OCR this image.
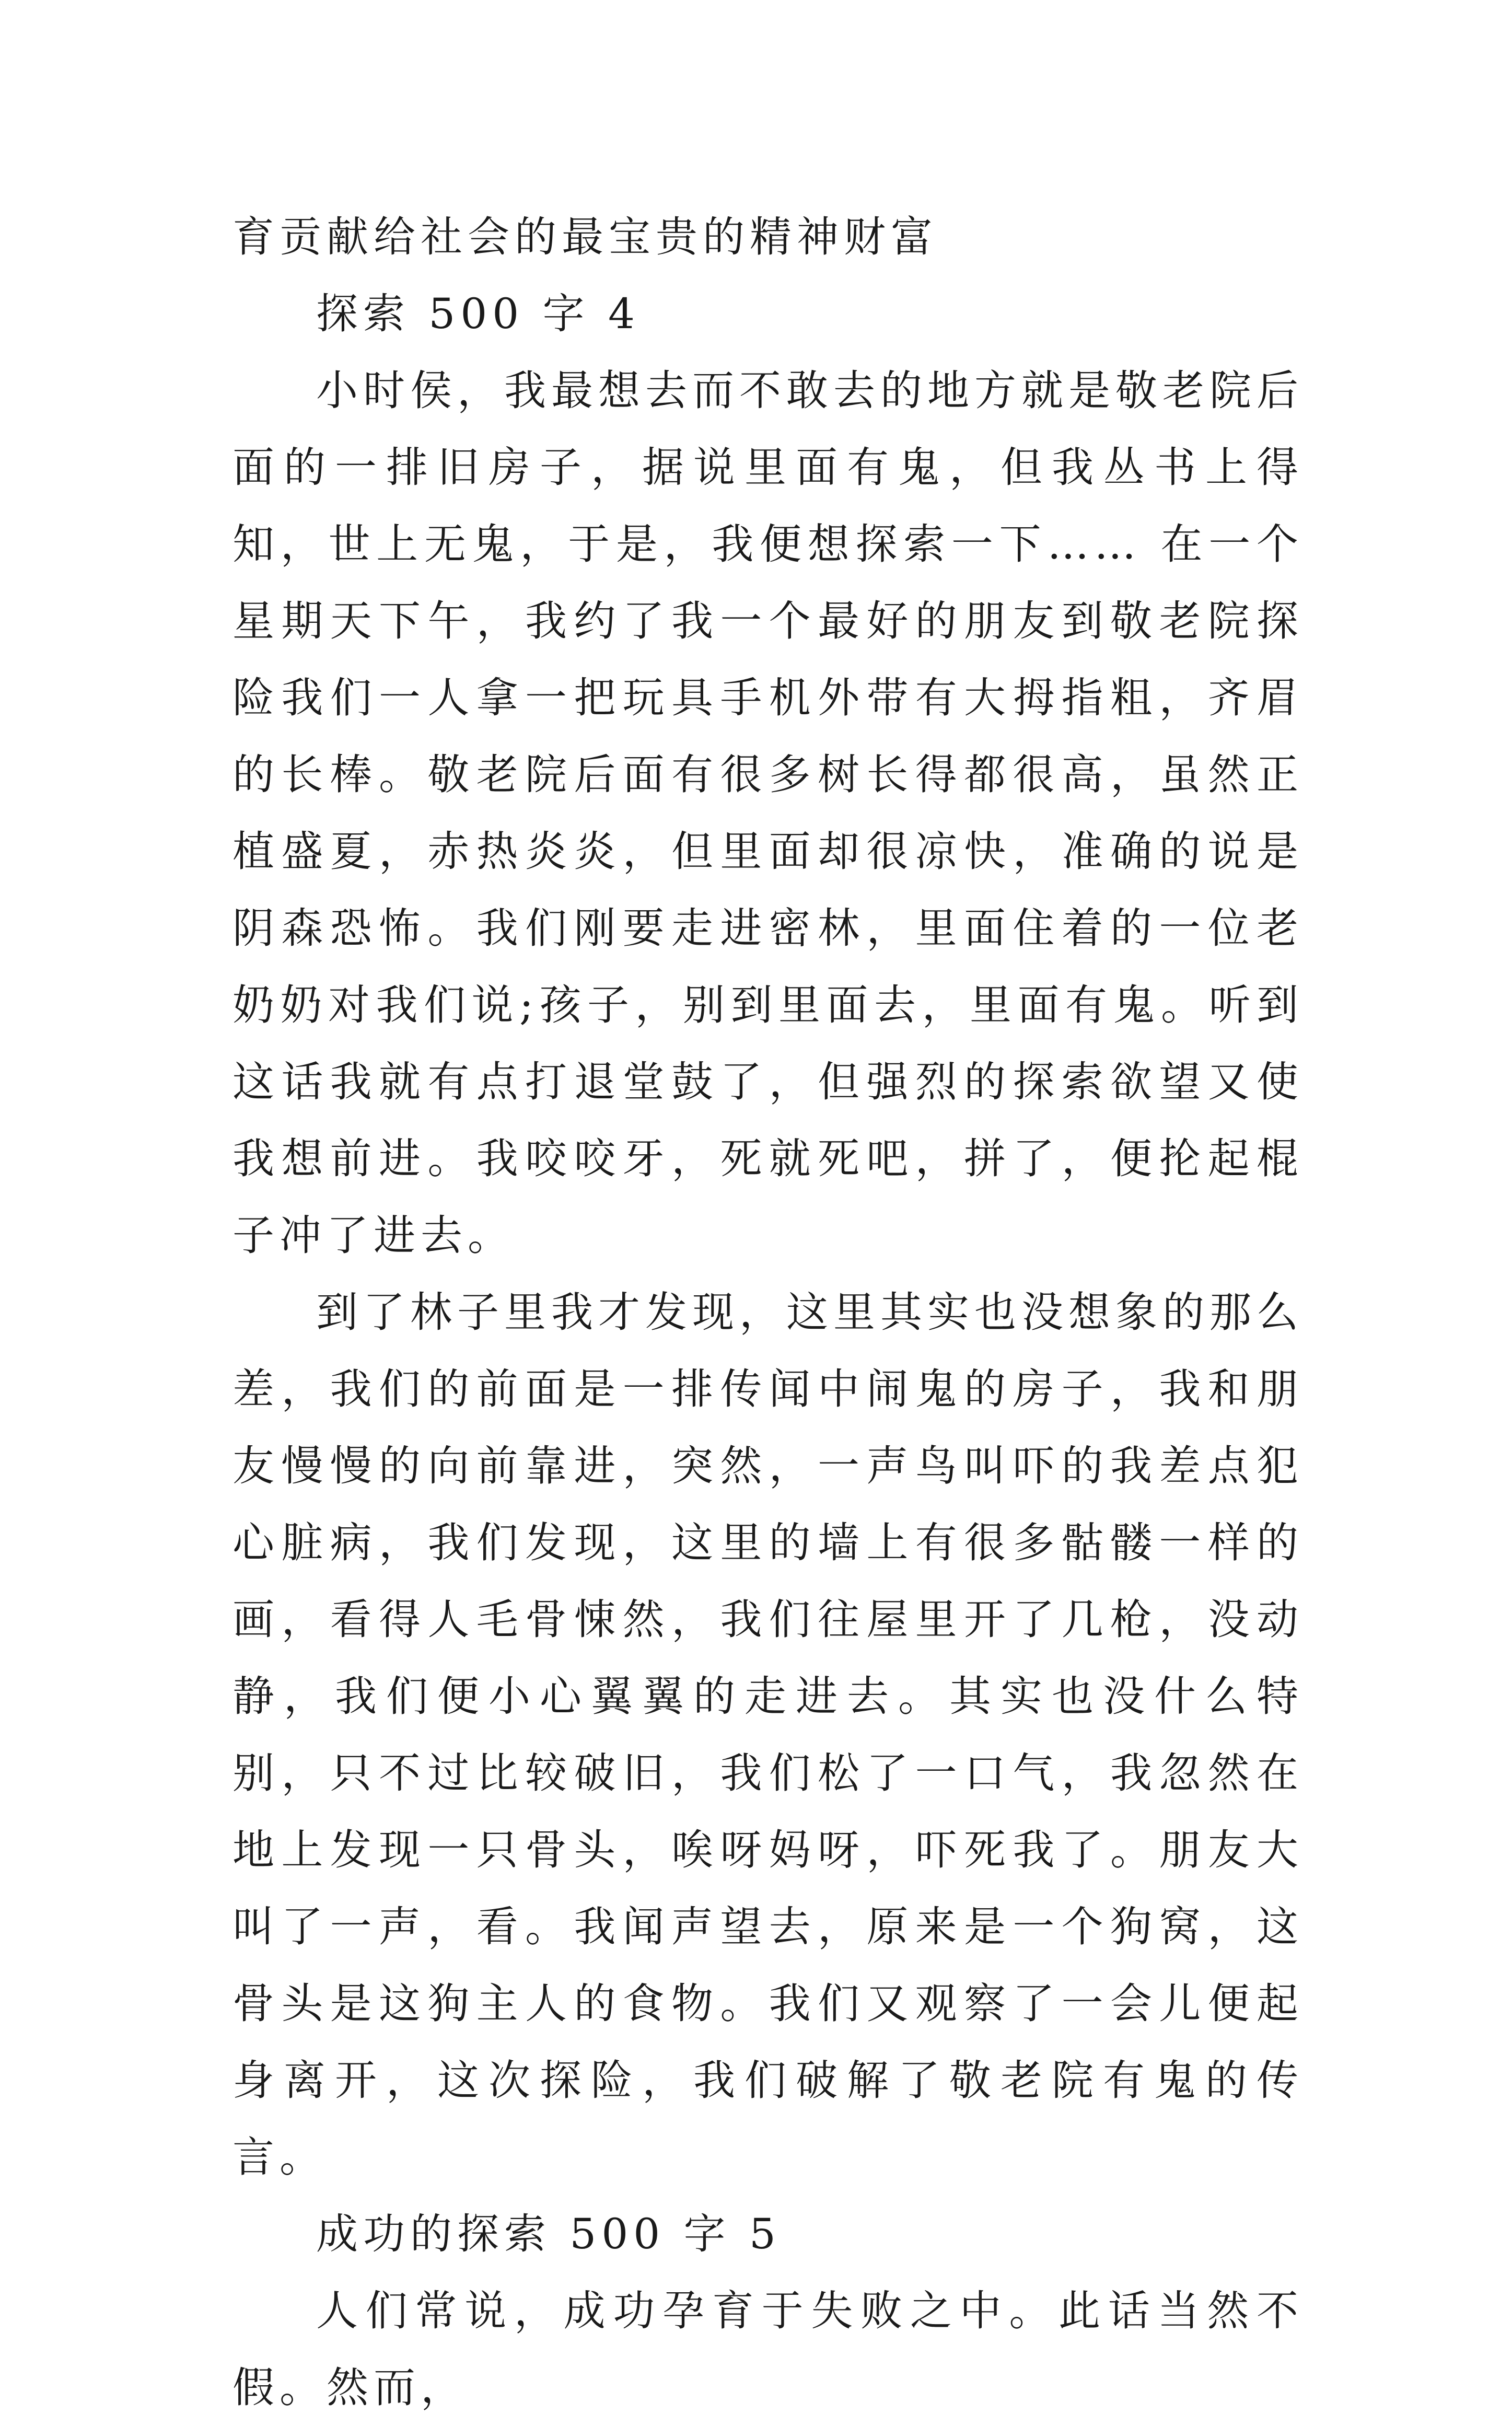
育贡献给社会的最宝贵的精神财富

探索 500 字 4

小时侯，我最想去而不敢去的地方就是敬老院后面的一排旧房子，据说里面有鬼，但我丛书上得知，世上无鬼，于是，我便想探索一下…… 在一个星期天下午，我约了我一个最好的朋友到敬老院探险我们一人拿一把玩具手机外带有大拇指粗，齐眉的长棒。敬老院后面有很多树长得都很高，虽然正植盛夏，赤热炎炎，但里面却很凉快，准确的说是阴森恐怖。我们刚要走进密林，里面住着的一位老奶奶对我们说;孩子，别到里面去，里面有鬼。听到这话我就有点打退堂鼓了，但强烈的探索欲望又使我想前进。我咬咬牙，死就死吧，拼了，便抡起棍子冲了进去。

到了林子里我才发现，这里其实也没想象的那么差，我们的前面是一排传闻中闹鬼的房子，我和朋友慢慢的向前靠进，突然，一声鸟叫吓的我差点犯心脏病，我们发现，这里的墙上有很多骷髅一样的画，看得人毛骨悚然，我们往屋里开了几枪，没动静，我们便小心翼翼的走进去。其实也没什么特别，只不过比较破旧，我们松了一口气，我忽然在地上发现一只骨头，唉呀妈呀，吓死我了。朋友大叫了一声，看。我闻声望去，原来是一个狗窝，这骨头是这狗主人的食物。我们又观察了一会儿便起身离开，这次探险，我们破解了敬老院有鬼的传言。

成功的探索 500 字 5

人们常说，成功孕育于失败之中。此话当然不假。然而，
